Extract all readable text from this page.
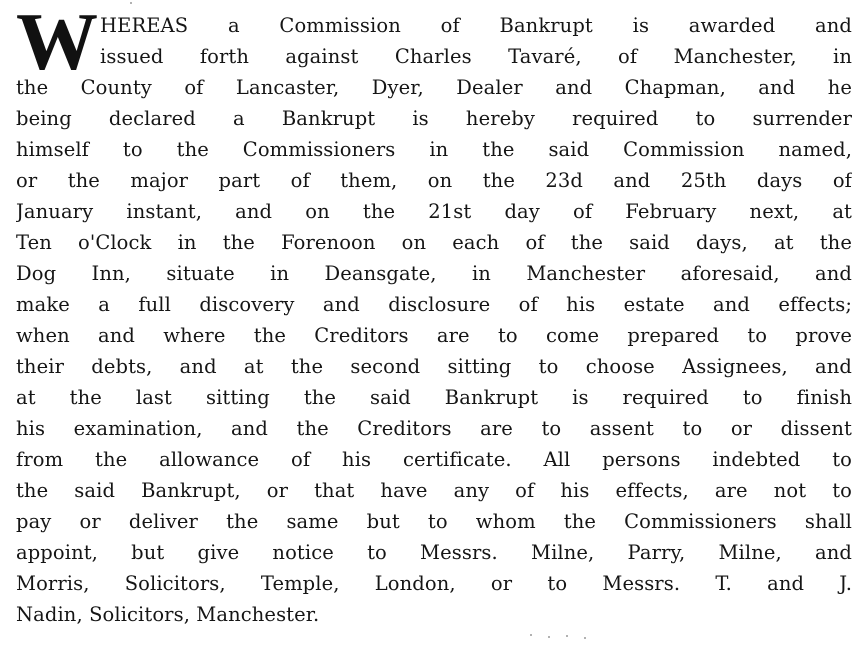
W HEREAS a Commission of Bankrupt is awarded and
issued forth against Charles Tavaré, of Manchester, in
the County of Lancaster, Dyer, Dealer and Chapman, and he
being declared a Bankrupt is hereby required to surrender
himself to the Commissioners in the said Commission named,
or the major part of them, on the 23d and 25th days of
January instant, and on the 21st day of February next, at
Ten o'Clock in the Forenoon on each of the said days, at the
Dog Inn, situate in Deansgate, in Manchester aforesaid, and
make a full discovery and disclosure of his estate and effects;
when and where the Creditors are to come prepared to prove
their debts, and at the second sitting to choose Assignees, and
at the last sitting the said Bankrupt is required to finish
his examination, and the Creditors are to assent to or dissent
from the allowance of his certificate. All persons indebted to
the said Bankrupt, or that have any of his effects, are not to
pay or deliver the same but to whom the Commissioners shall
appoint, but give notice to Messrs. Milne, Parry, Milne, and
Morris, Solicitors, Temple, London, or to Messrs. T. and J.
Nadin, Solicitors, Manchester.
